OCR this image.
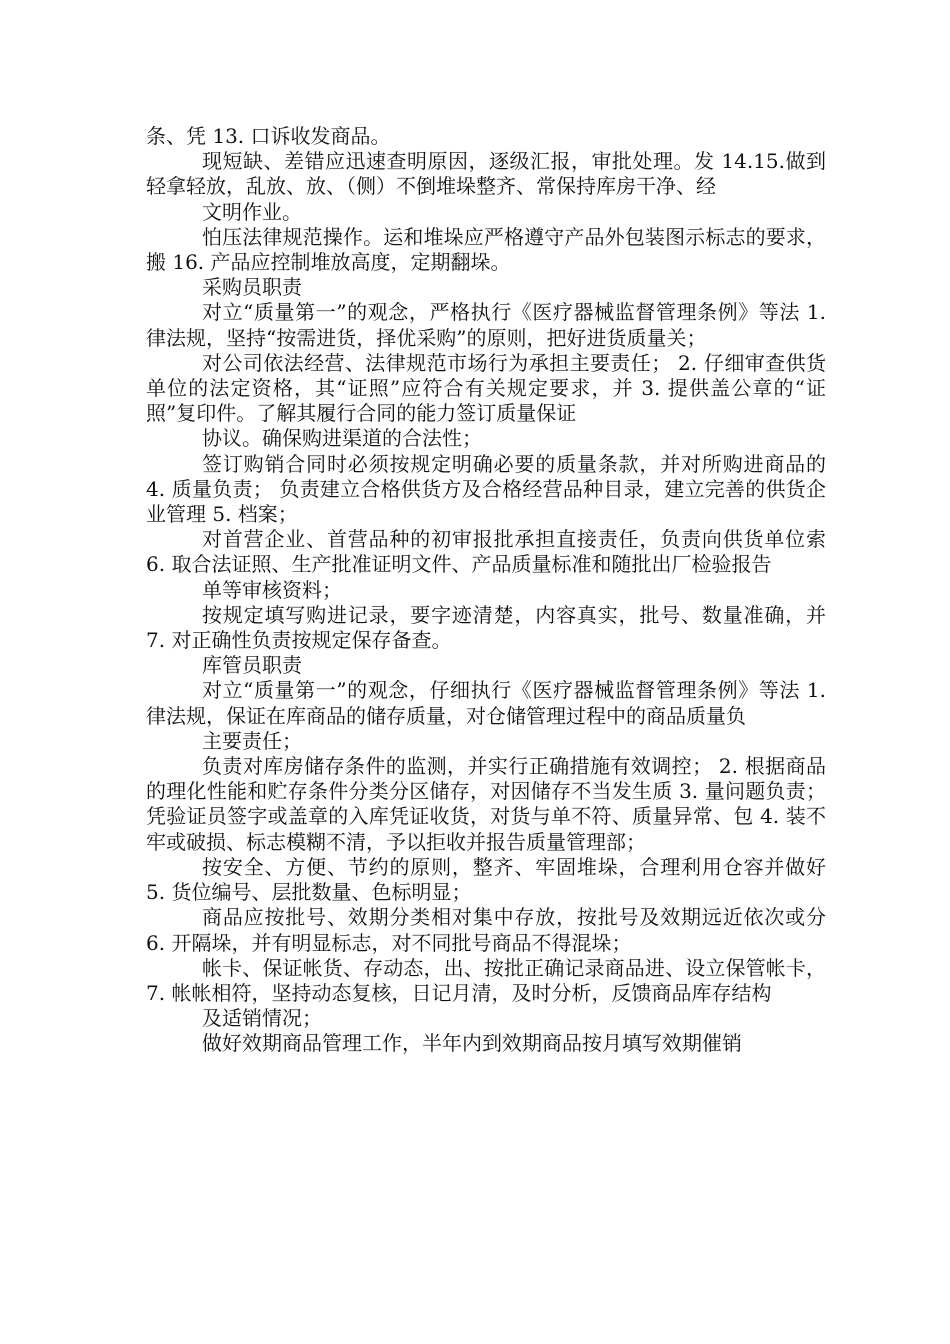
条、凭 13. 口诉收发商品。

现短缺、差错应迅速查明原因，逐级汇报，审批处理。发 14.15.做到轻拿轻放，乱放、放、（侧）不倒堆垛整齐、常保持库房干净、经

文明作业。

怕压法律规范操作。运和堆垛应严格遵守产品外包装图示标志的要求，搬 16. 产品应控制堆放高度，定期翻垛。

采购员职责

对立“质量第一”的观念，严格执行《医疗器械监督管理条例》等法 1. 律法规，坚持“按需进货，择优采购”的原则，把好进货质量关；

对公司依法经营、法律规范市场行为承担主要责任； 2. 仔细审查供货单位的法定资格，其“证照”应符合有关规定要求，并 3. 提供盖公章的“证照”复印件。了解其履行合同的能力签订质量保证

协议。确保购进渠道的合法性；

签订购销合同时必须按规定明确必要的质量条款，并对所购进商品的 4. 质量负责； 负责建立合格供货方及合格经营品种目录，建立完善的供货企业管理 5. 档案；

对首营企业、首营品种的初审报批承担直接责任，负责向供货单位索 6. 取合法证照、生产批准证明文件、产品质量标准和随批出厂检验报告

单等审核资料；

按规定填写购进记录，要字迹清楚，内容真实，批号、数量准确，并 7. 对正确性负责按规定保存备查。

库管员职责

对立“质量第一”的观念，仔细执行《医疗器械监督管理条例》等法 1. 律法规，保证在库商品的储存质量，对仓储管理过程中的商品质量负

主要责任；

负责对库房储存条件的监测，并实行正确措施有效调控； 2. 根据商品的理化性能和贮存条件分类分区储存，对因储存不当发生质 3. 量问题负责； 凭验证员签字或盖章的入库凭证收货，对货与单不符、质量异常、包 4. 装不牢或破损、标志模糊不清，予以拒收并报告质量管理部；

按安全、方便、节约的原则，整齐、牢固堆垛，合理利用仓容并做好 5. 货位编号、层批数量、色标明显；

商品应按批号、效期分类相对集中存放，按批号及效期远近依次或分 6. 开隔垛，并有明显标志，对不同批号商品不得混垛；

帐卡、保证帐货、存动态，出、按批正确记录商品进、设立保管帐卡， 7. 帐帐相符，坚持动态复核，日记月清，及时分析，反馈商品库存结构

及适销情况；

做好效期商品管理工作，半年内到效期商品按月填写效期催销
